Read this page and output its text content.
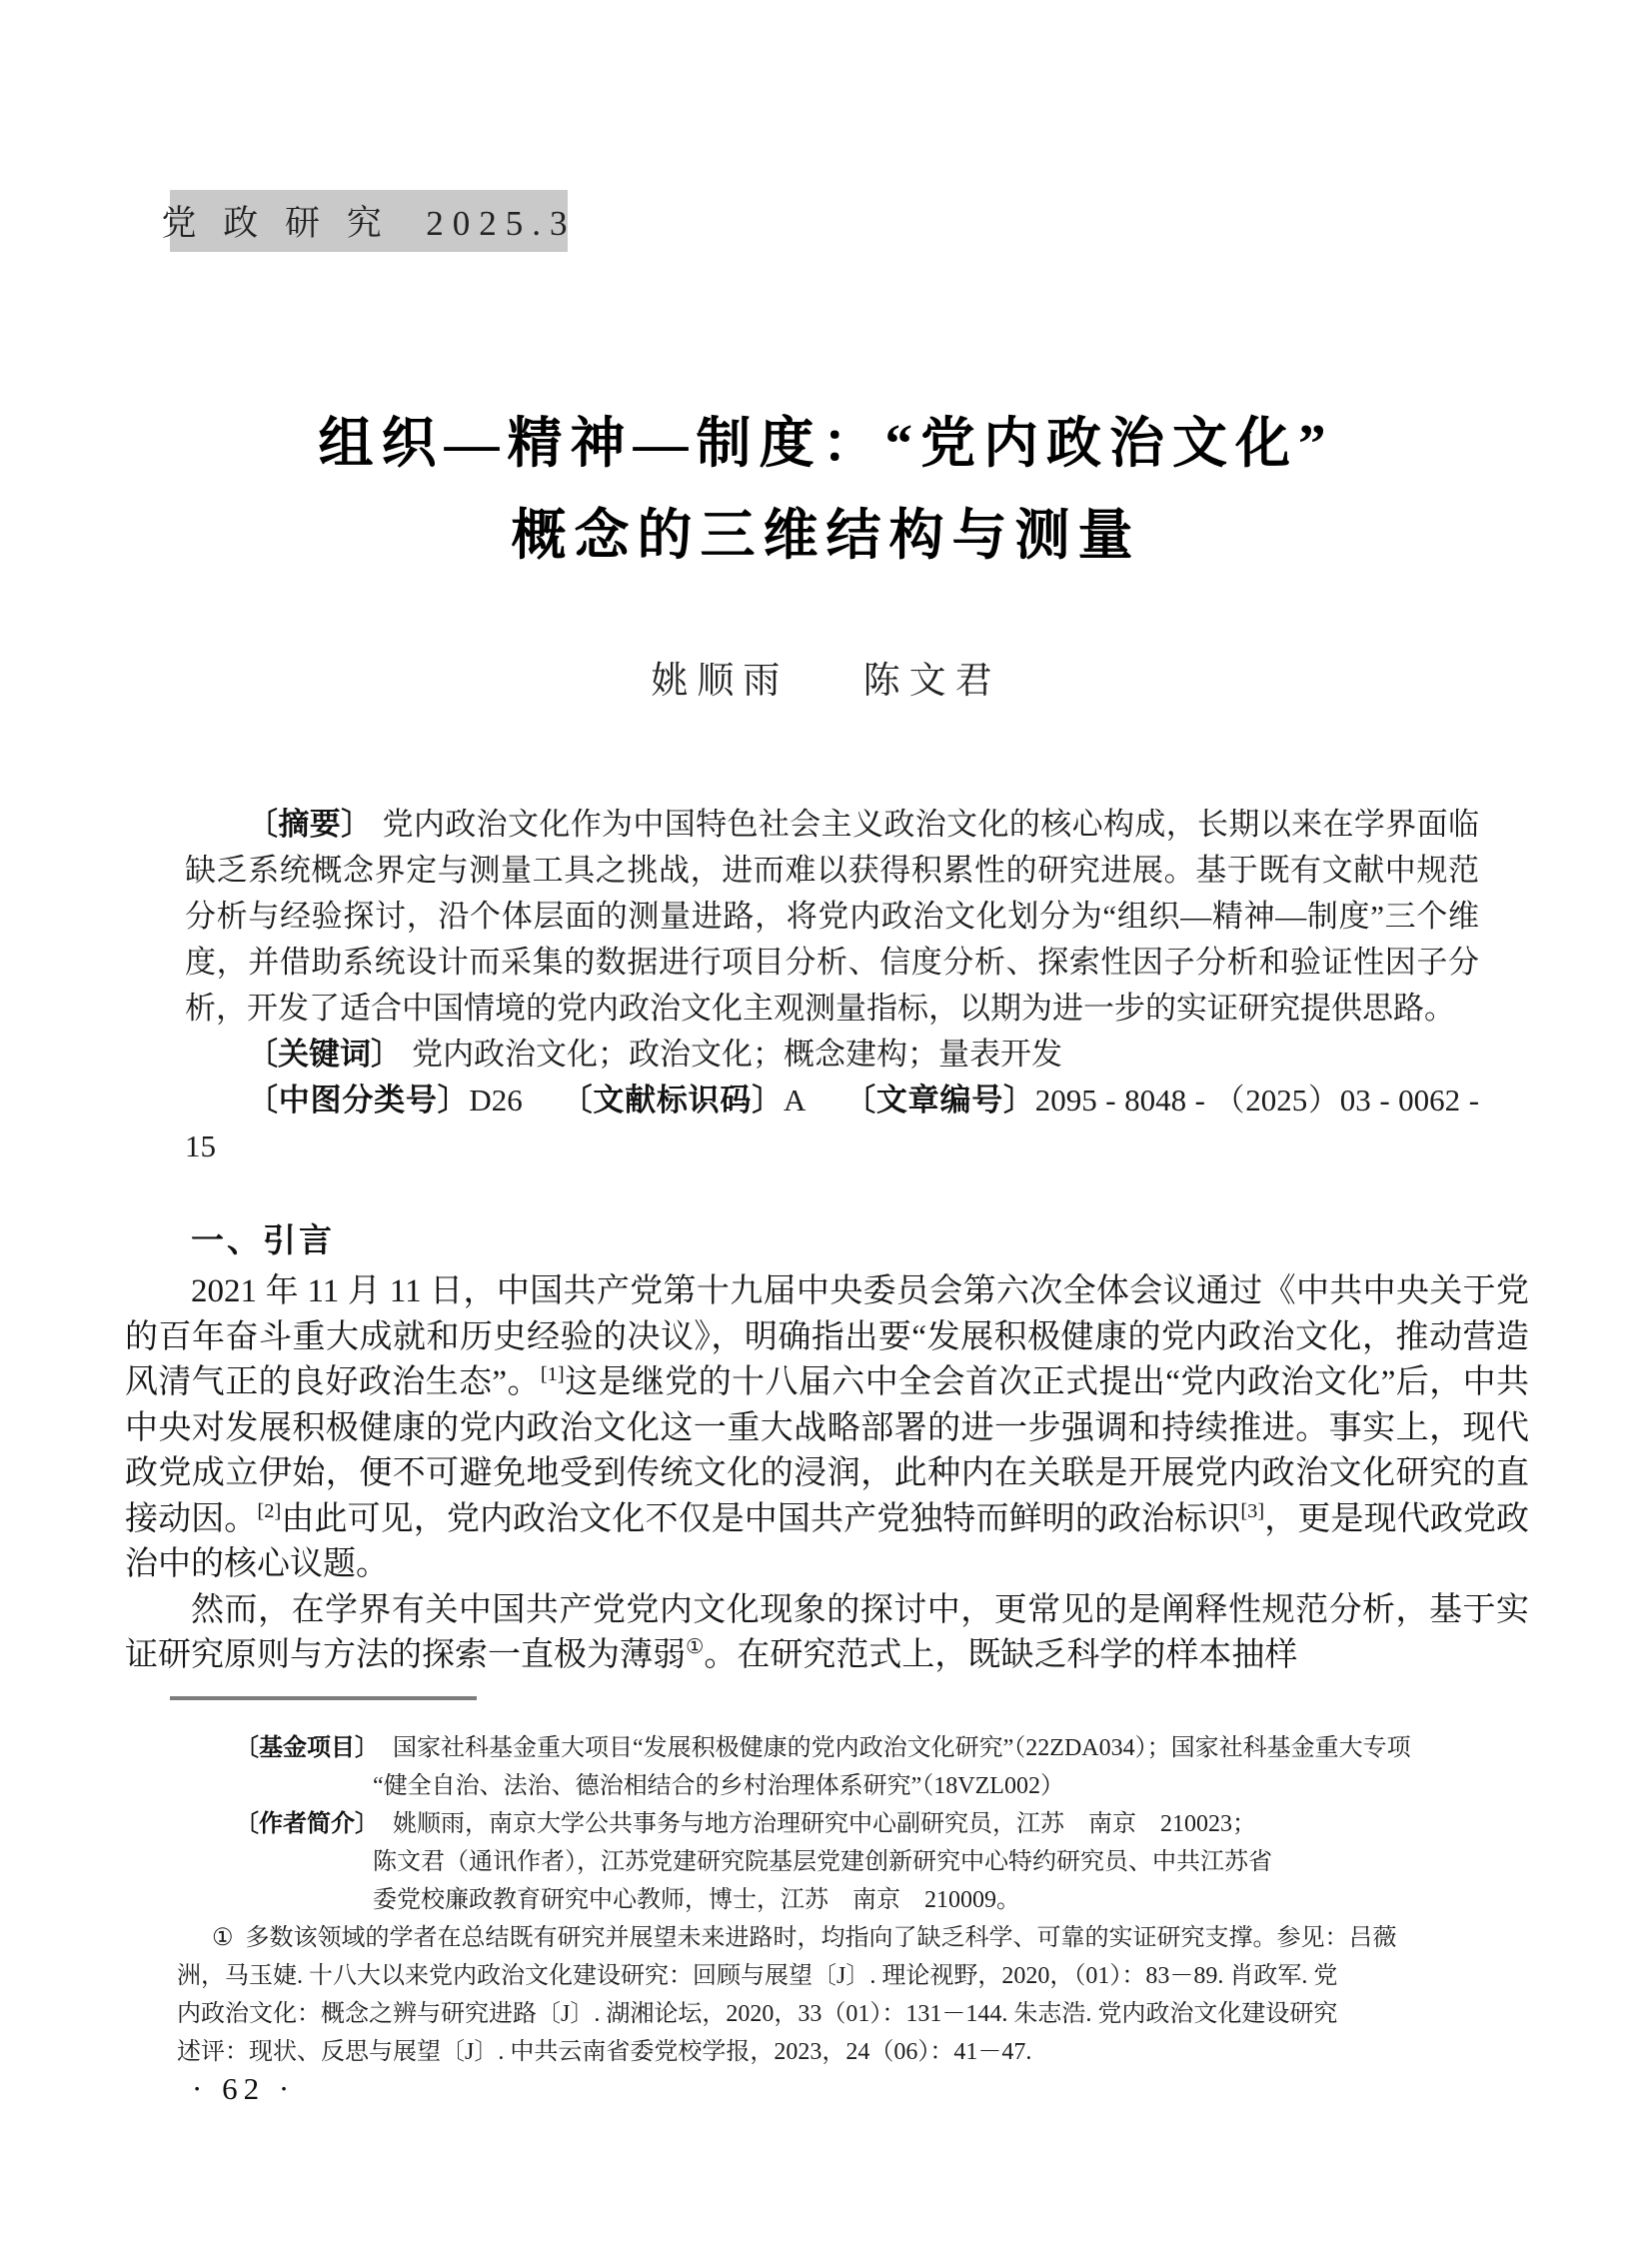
党 政 研 究  2025.3
组织—精神—制度：“党内政治文化”
概念的三维结构与测量
姚顺雨 陈文君

〔摘要〕 党内政治文化作为中国特色社会主义政治文化的核心构成，长期以来在学界面临缺乏系统概念界定与测量工具之挑战，进而难以获得积累性的研究进展。基于既有文献中规范分析与经验探讨，沿个体层面的测量进路，将党内政治文化划分为“组织—精神—制度”三个维度，并借助系统设计而采集的数据进行项目分析、信度分析、探索性因子分析和验证性因子分析，开发了适合中国情境的党内政治文化主观测量指标，以期为进一步的实证研究提供思路。

〔关键词〕 党内政治文化；政治文化；概念建构；量表开发

〔中图分类号〕D26 〔文献标识码〕A 〔文章编号〕2095 - 8048 - （2025）03 - 0062 - 15

一、引言

2021 年 11 月 11 日，中国共产党第十九届中央委员会第六次全体会议通过《中共中央关于党的百年奋斗重大成就和历史经验的决议》，明确指出要“发展积极健康的党内政治文化，推动营造风清气正的良好政治生态”。[1]这是继党的十八届六中全会首次正式提出“党内政治文化”后，中共中央对发展积极健康的党内政治文化这一重大战略部署的进一步强调和持续推进。事实上，现代政党成立伊始，便不可避免地受到传统文化的浸润，此种内在关联是开展党内政治文化研究的直接动因。[2]由此可见，党内政治文化不仅是中国共产党独特而鲜明的政治标识[3]，更是现代政党政治中的核心议题。

然而，在学界有关中国共产党党内文化现象的探讨中，更常见的是阐释性规范分析，基于实证研究原则与方法的探索一直极为薄弱①。在研究范式上，既缺乏科学的样本抽样

〔基金项目〕 国家社科基金重大项目“发展积极健康的党内政治文化研究”（22ZDA034）；国家社科基金重大专项
“健全自治、法治、德治相结合的乡村治理体系研究”（18VZL002）
〔作者简介〕 姚顺雨，南京大学公共事务与地方治理研究中心副研究员，江苏　南京　210023；
陈文君（通讯作者），江苏党建研究院基层党建创新研究中心特约研究员、中共江苏省
委党校廉政教育研究中心教师，博士，江苏　南京　210009。
① 多数该领域的学者在总结既有研究并展望未来进路时，均指向了缺乏科学、可靠的实证研究支撑。参见：吕薇
洲，马玉婕. 十八大以来党内政治文化建设研究：回顾与展望〔J〕. 理论视野，2020，（01）：83－89. 肖政军. 党
内政治文化：概念之辨与研究进路〔J〕. 湖湘论坛，2020，33（01）：131－144. 朱志浩. 党内政治文化建设研究
述评：现状、反思与展望〔J〕. 中共云南省委党校学报，2023，24（06）：41－47.
· 62 ·
